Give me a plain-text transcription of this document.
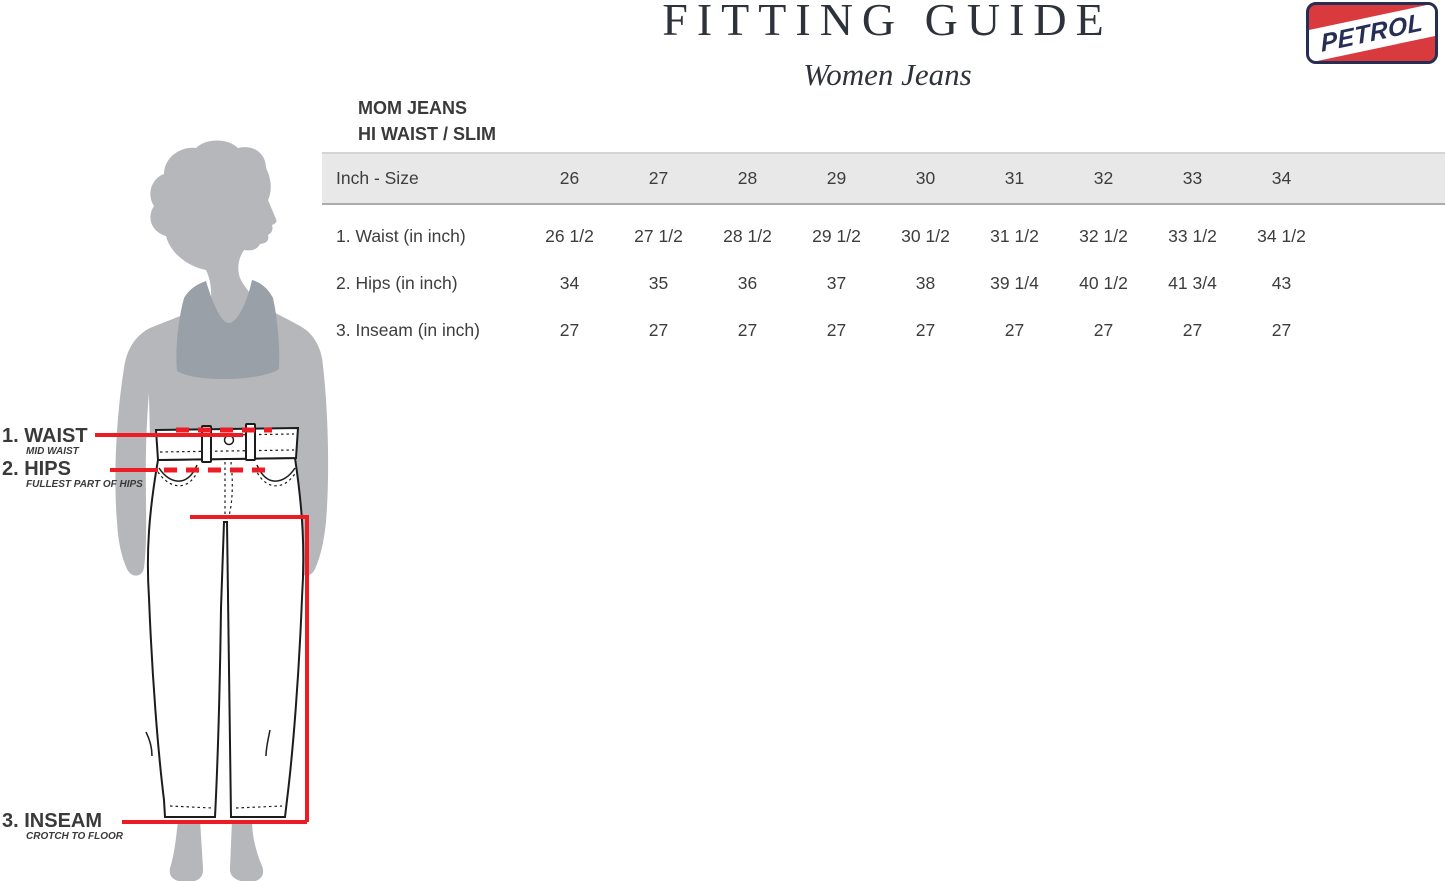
FITTING GUIDE
Women Jeans
PETROL
MOM JEANS
HI WAIST / SLIM
Inch - Size	26	27	28	29	30	31	32	33	34
1. Waist (in inch)	26 1/2	27 1/2	28 1/2	29 1/2	30 1/2	31 1/2	32 1/2	33 1/2	34 1/2
2. Hips (in inch)	34	35	36	37	38	39 1/4	40 1/2	41 3/4	43
3. Inseam (in inch)	27	27	27	27	27	27	27	27	27
1. WAIST
MID WAIST
2. HIPS
FULLEST PART OF HIPS
3. INSEAM
CROTCH TO FLOOR
